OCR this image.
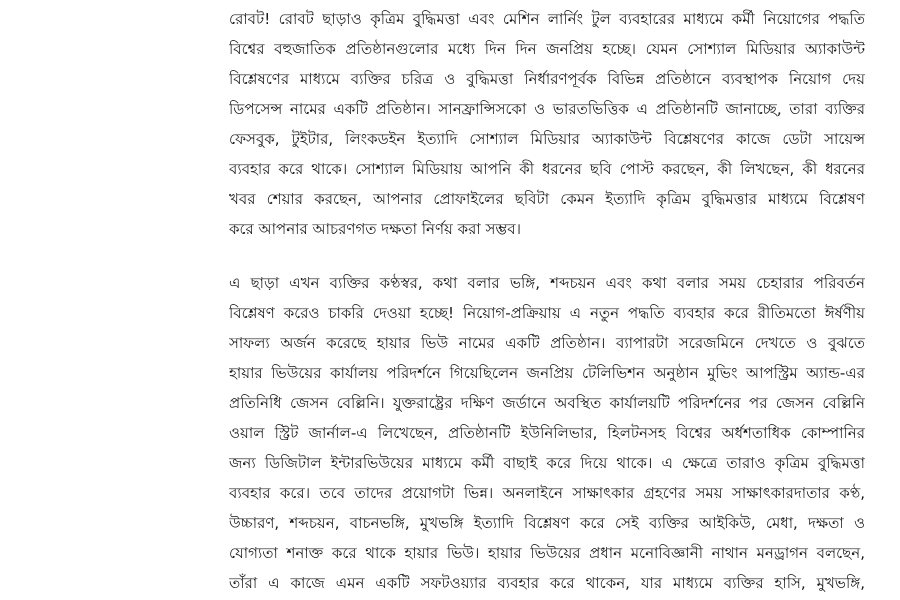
রোবট! রোবট ছাড়াও কৃত্রিম বুদ্ধিমত্তা এবং মেশিন লার্নিং টুল ব্যবহারের মাধ্যমে কর্মী নিয়োগের পদ্ধতি
বিশ্বের বহুজাতিক প্রতিষ্ঠানগুলোর মধ্যে দিন দিন জনপ্রিয় হচ্ছে। যেমন সোশ্যাল মিডিয়ার অ্যাকাউন্ট
বিশ্লেষণের মাধ্যমে ব্যক্তির চরিত্র ও বুদ্ধিমত্তা নির্ধারণপূর্বক বিভিন্ন প্রতিষ্ঠানে ব্যবস্থাপক নিয়োগ দেয়
ডিপসেন্স নামের একটি প্রতিষ্ঠান। সানফ্রান্সিসকো ও ভারতভিত্তিক এ প্রতিষ্ঠানটি জানাচ্ছে, তারা ব্যক্তির
ফেসবুক, টুইটার, লিংকডইন ইত্যাদি সোশ্যাল মিডিয়ার অ্যাকাউন্ট বিশ্লেষণের কাজে ডেটা সায়েন্স
ব্যবহার করে থাকে। সোশ্যাল মিডিয়ায় আপনি কী ধরনের ছবি পোস্ট করছেন, কী লিখছেন, কী ধরনের
খবর শেয়ার করছেন, আপনার প্রোফাইলের ছবিটা কেমন ইত্যাদি কৃত্রিম বুদ্ধিমত্তার মাধ্যমে বিশ্লেষণ
করে আপনার আচরণগত দক্ষতা নির্ণয় করা সম্ভব।
এ ছাড়া এখন ব্যক্তির কণ্ঠস্বর, কথা বলার ভঙ্গি, শব্দচয়ন এবং কথা বলার সময় চেহারার পরিবর্তন
বিশ্লেষণ করেও চাকরি দেওয়া হচ্ছে! নিয়োগ-প্রক্রিয়ায় এ নতুন পদ্ধতি ব্যবহার করে রীতিমতো ঈর্ষণীয়
সাফল্য অর্জন করেছে হায়ার ভিউ নামের একটি প্রতিষ্ঠান। ব্যাপারটা সরেজমিনে দেখতে ও বুঝতে
হায়ার ভিউয়ের কার্যালয় পরিদর্শনে গিয়েছিলেন জনপ্রিয় টেলিভিশন অনুষ্ঠান মুভিং আপস্ট্রিম অ্যান্ড-এর
প্রতিনিধি জেসন বেল্লিনি। যুক্তরাষ্ট্রের দক্ষিণ জর্ডানে অবস্থিত কার্যালয়টি পরিদর্শনের পর জেসন বেল্লিনি
ওয়াল স্ট্রিট জার্নাল-এ লিখেছেন, প্রতিষ্ঠানটি ইউনিলিভার, হিলটনসহ বিশ্বের অর্ধশতাধিক কোম্পানির
জন্য ডিজিটাল ইন্টারভিউয়ের মাধ্যমে কর্মী বাছাই করে দিয়ে থাকে। এ ক্ষেত্রে তারাও কৃত্রিম বুদ্ধিমত্তা
ব্যবহার করে। তবে তাদের প্রয়োগটা ভিন্ন। অনলাইনে সাক্ষাৎকার গ্রহণের সময় সাক্ষাৎকারদাতার কণ্ঠ,
উচ্চারণ, শব্দচয়ন, বাচনভঙ্গি, মুখভঙ্গি ইত্যাদি বিশ্লেষণ করে সেই ব্যক্তির আইকিউ, মেধা, দক্ষতা ও
যোগ্যতা শনাক্ত করে থাকে হায়ার ভিউ। হায়ার ভিউয়ের প্রধান মনোবিজ্ঞানী নাথান মনড্রাগন বলছেন,
তাঁরা এ কাজে এমন একটি সফটওয়্যার ব্যবহার করে থাকেন, যার মাধ্যমে ব্যক্তির হাসি, মুখভঙ্গি,
